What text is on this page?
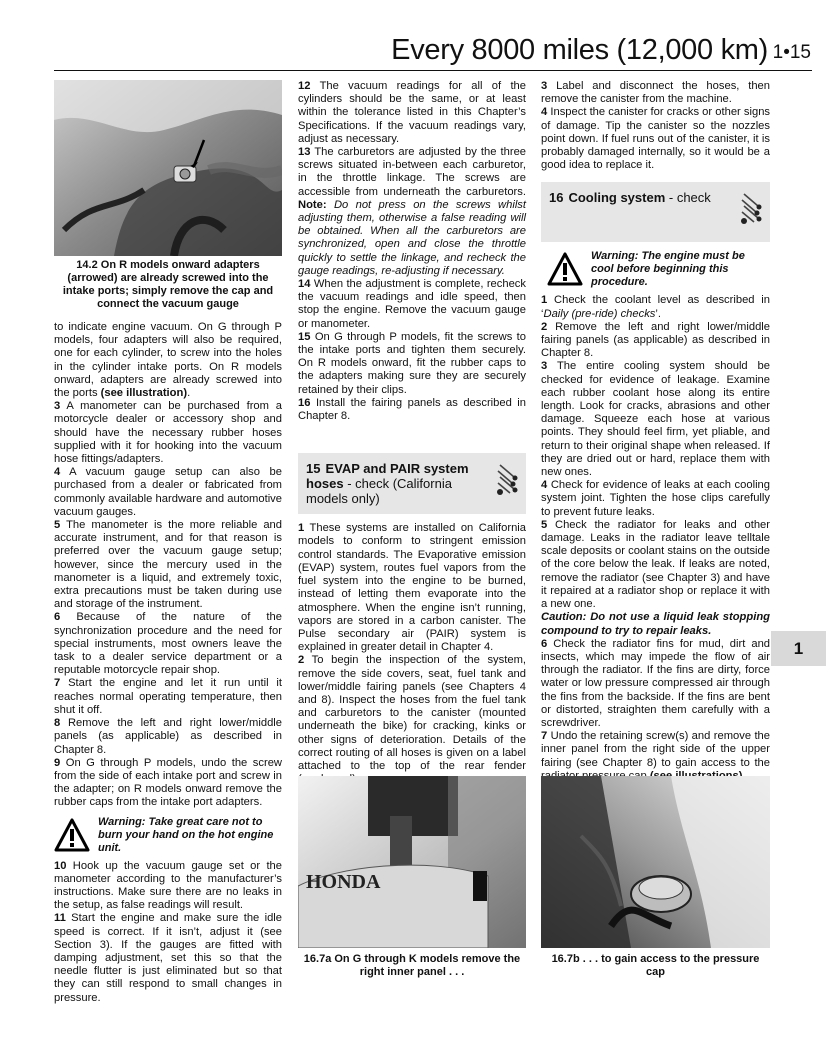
Every 8000 miles (12,000 km) 1•15
14.2 On R models onward adapters (arrowed) are already screwed into the intake ports; simply remove the cap and connect the vacuum gauge

to indicate engine vacuum. On G through P models, four adapters will also be required, one for each cylinder, to screw into the holes in the cylinder intake ports. On R models onward, adapters are already screwed into the ports (see illustration).

3 A manometer can be purchased from a motorcycle dealer or accessory shop and should have the necessary rubber hoses supplied with it for hooking into the vacuum hose fittings/adapters.

4 A vacuum gauge setup can also be purchased from a dealer or fabricated from commonly available hardware and automotive vacuum gauges.

5 The manometer is the more reliable and accurate instrument, and for that reason is preferred over the vacuum gauge setup; however, since the mercury used in the manometer is a liquid, and extremely toxic, extra precautions must be taken during use and storage of the instrument.

6 Because of the nature of the synchronization procedure and the need for special instruments, most owners leave the task to a dealer service department or a reputable motorcycle repair shop.

7 Start the engine and let it run until it reaches normal operating temperature, then shut it off.

8 Remove the left and right lower/middle panels (as applicable) as described in Chapter 8.

9 On G through P models, undo the screw from the side of each intake port and screw in the adapter; on R models onward remove the rubber caps from the intake port adapters.

Warning: Take great care not to burn your hand on the hot engine unit.

10 Hook up the vacuum gauge set or the manometer according to the manufacturer’s instructions. Make sure there are no leaks in the setup, as false readings will result.

11 Start the engine and make sure the idle speed is correct. If it isn’t, adjust it (see Section 3). If the gauges are fitted with damping adjustment, set this so that the needle flutter is just eliminated but so that they can still respond to small changes in pressure.

12 The vacuum readings for all of the cylinders should be the same, or at least within the tolerance listed in this Chapter’s Specifications. If the vacuum readings vary, adjust as necessary.

13 The carburetors are adjusted by the three screws situated in-between each carburetor, in the throttle linkage. The screws are accessible from underneath the carburetors. Note: Do not press on the screws whilst adjusting them, otherwise a false reading will be obtained. When all the carburetors are synchronized, open and close the throttle quickly to settle the linkage, and recheck the gauge readings, re-adjusting if necessary.

14 When the adjustment is complete, recheck the vacuum readings and idle speed, then stop the engine. Remove the vacuum gauge or manometer.

15 On G through P models, fit the screws to the intake ports and tighten them securely. On R models onward, fit the rubber caps to the adapters making sure they are securely retained by their clips.

16 Install the fairing panels as described in Chapter 8.

15 EVAP and PAIR system hoses - check (California models only)

1 These systems are installed on California models to conform to stringent emission control standards. The Evaporative emission (EVAP) system, routes fuel vapors from the fuel system into the engine to be burned, instead of letting them evaporate into the atmosphere. When the engine isn’t running, vapors are stored in a carbon canister. The Pulse secondary air (PAIR) system is explained in greater detail in Chapter 4.

2 To begin the inspection of the system, remove the side covers, seat, fuel tank and lower/middle fairing panels (see Chapters 4 and 8). Inspect the hoses from the fuel tank and carburetors to the canister (mounted underneath the bike) for cracking, kinks or other signs of deterioration. Details of the correct routing of all hoses is given on a label attached to the top of the rear fender

3 Label and disconnect the hoses, then remove the canister from the machine.

4 Inspect the canister for cracks or other signs of damage. Tip the canister so the nozzles point down. If fuel runs out of the canister, it is probably damaged internally, so it would be a good idea to replace it.

16 Cooling system - check
Warning: The engine must be cool before beginning this procedure.

1 Check the coolant level as described in ‘Daily (pre-ride) checks’.

2 Remove the left and right lower/middle fairing panels (as applicable) as described in Chapter 8.

3 The entire cooling system should be checked for evidence of leakage. Examine each rubber coolant hose along its entire length. Look for cracks, abrasions and other damage. Squeeze each hose at various points. They should feel firm, yet pliable, and return to their original shape when released. If they are dried out or hard, replace them with new ones.

4 Check for evidence of leaks at each cooling system joint. Tighten the hose clips carefully to prevent future leaks.

5 Check the radiator for leaks and other damage. Leaks in the radiator leave telltale scale deposits or coolant stains on the outside of the core below the leak. If leaks are noted, remove the radiator (see Chapter 3) and have it repaired at a radiator shop or replace it with a new one.

Caution: Do not use a liquid leak stopping compound to try to repair leaks.

6 Check the radiator fins for mud, dirt and insects, which may impede the flow of air through the radiator. If the fins are dirty, force water or low pressure compressed air through the fins from the backside. If the fins are bent or distorted, straighten them carefully with a screwdriver.

7 Undo the retaining screw(s) and remove the inner panel from the right side of the upper fairing (see Chapter 8) to gain access to the

HONDA
16.7a On G through K models remove the right inner panel . . .
16.7b . . . to gain access to the pressure cap
1
